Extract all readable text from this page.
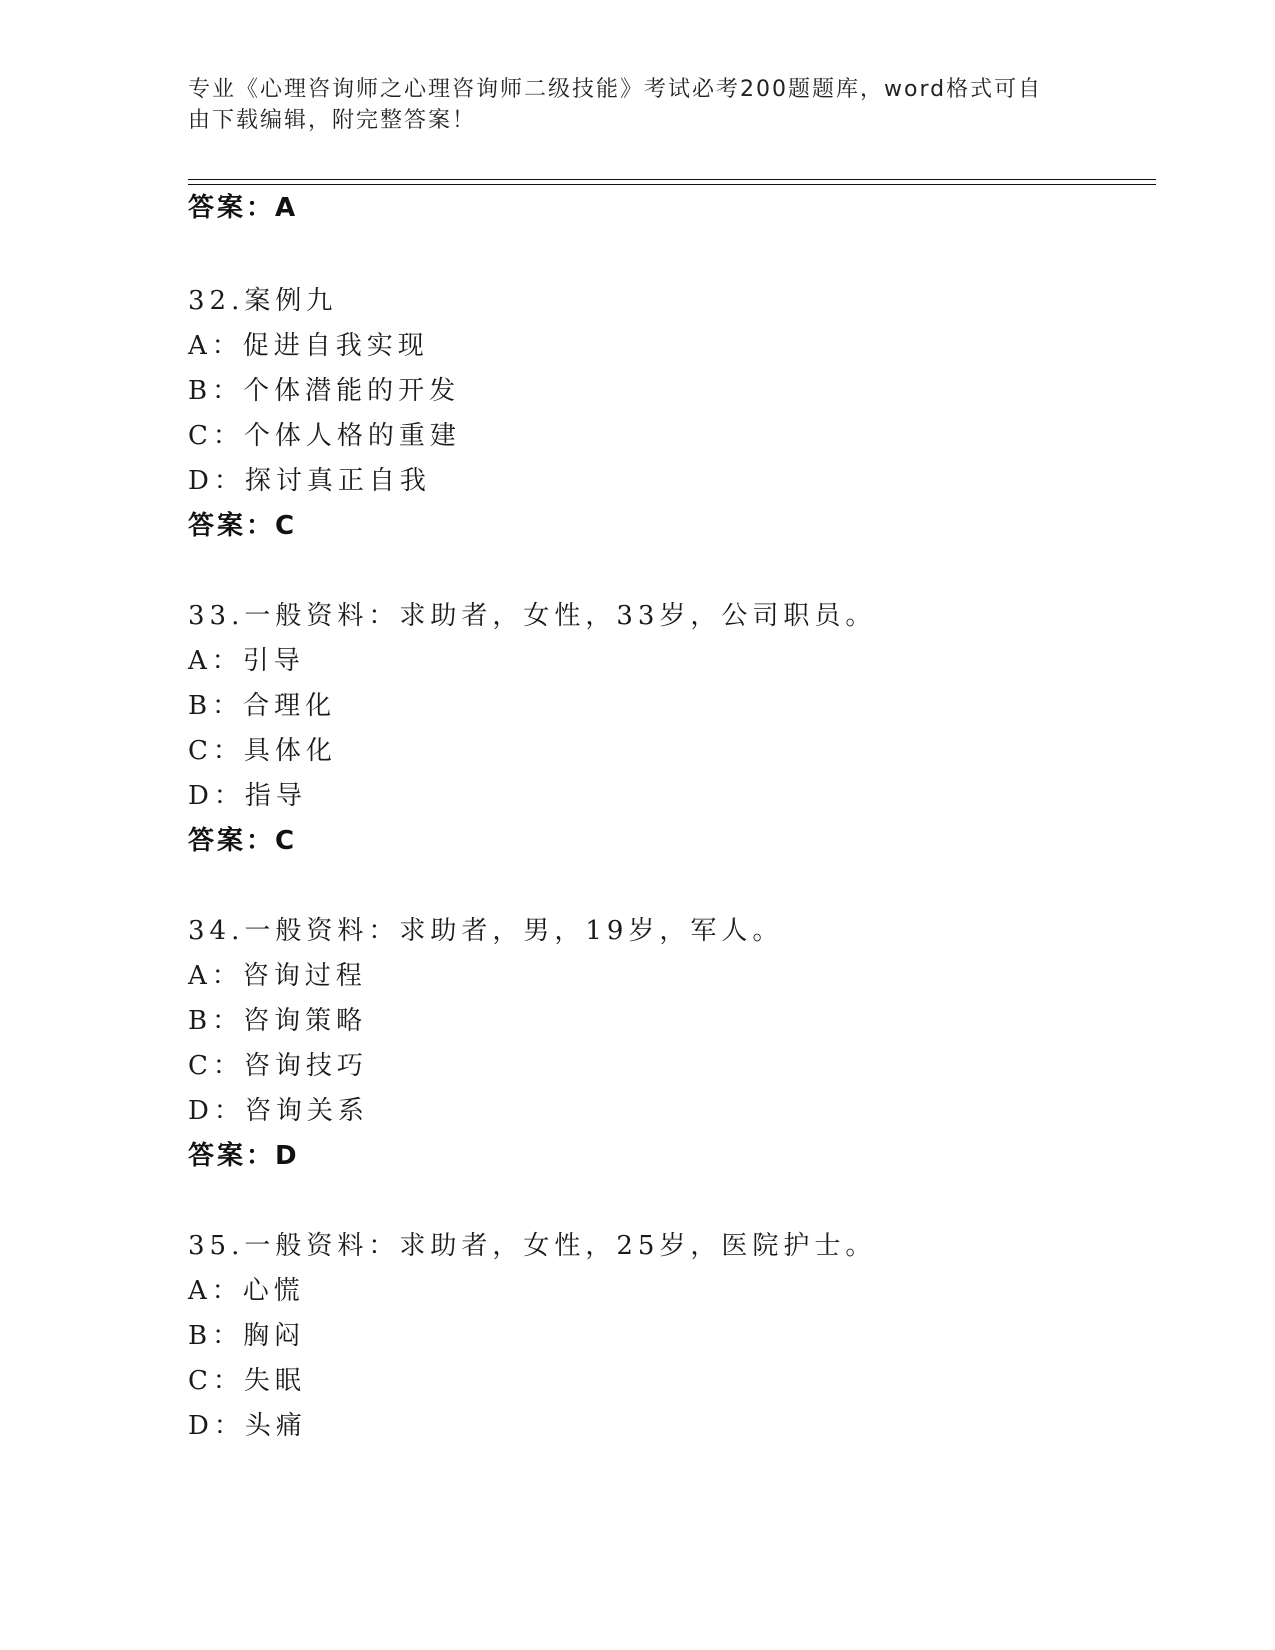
专业《心理咨询师之心理咨询师二级技能》考试必考200题题库，word格式可自
由下载编辑，附完整答案！
答案：A
32.案例九
A：促进自我实现
B：个体潜能的开发
C：个体人格的重建
D：探讨真正自我
答案：C
33.一般资料：求助者，女性，33岁，公司职员。
A：引导
B：合理化
C：具体化
D：指导
答案：C
34.一般资料：求助者，男，19岁，军人。
A：咨询过程
B：咨询策略
C：咨询技巧
D：咨询关系
答案：D
35.一般资料：求助者，女性，25岁，医院护士。
A：心慌
B：胸闷
C：失眠
D：头痛
